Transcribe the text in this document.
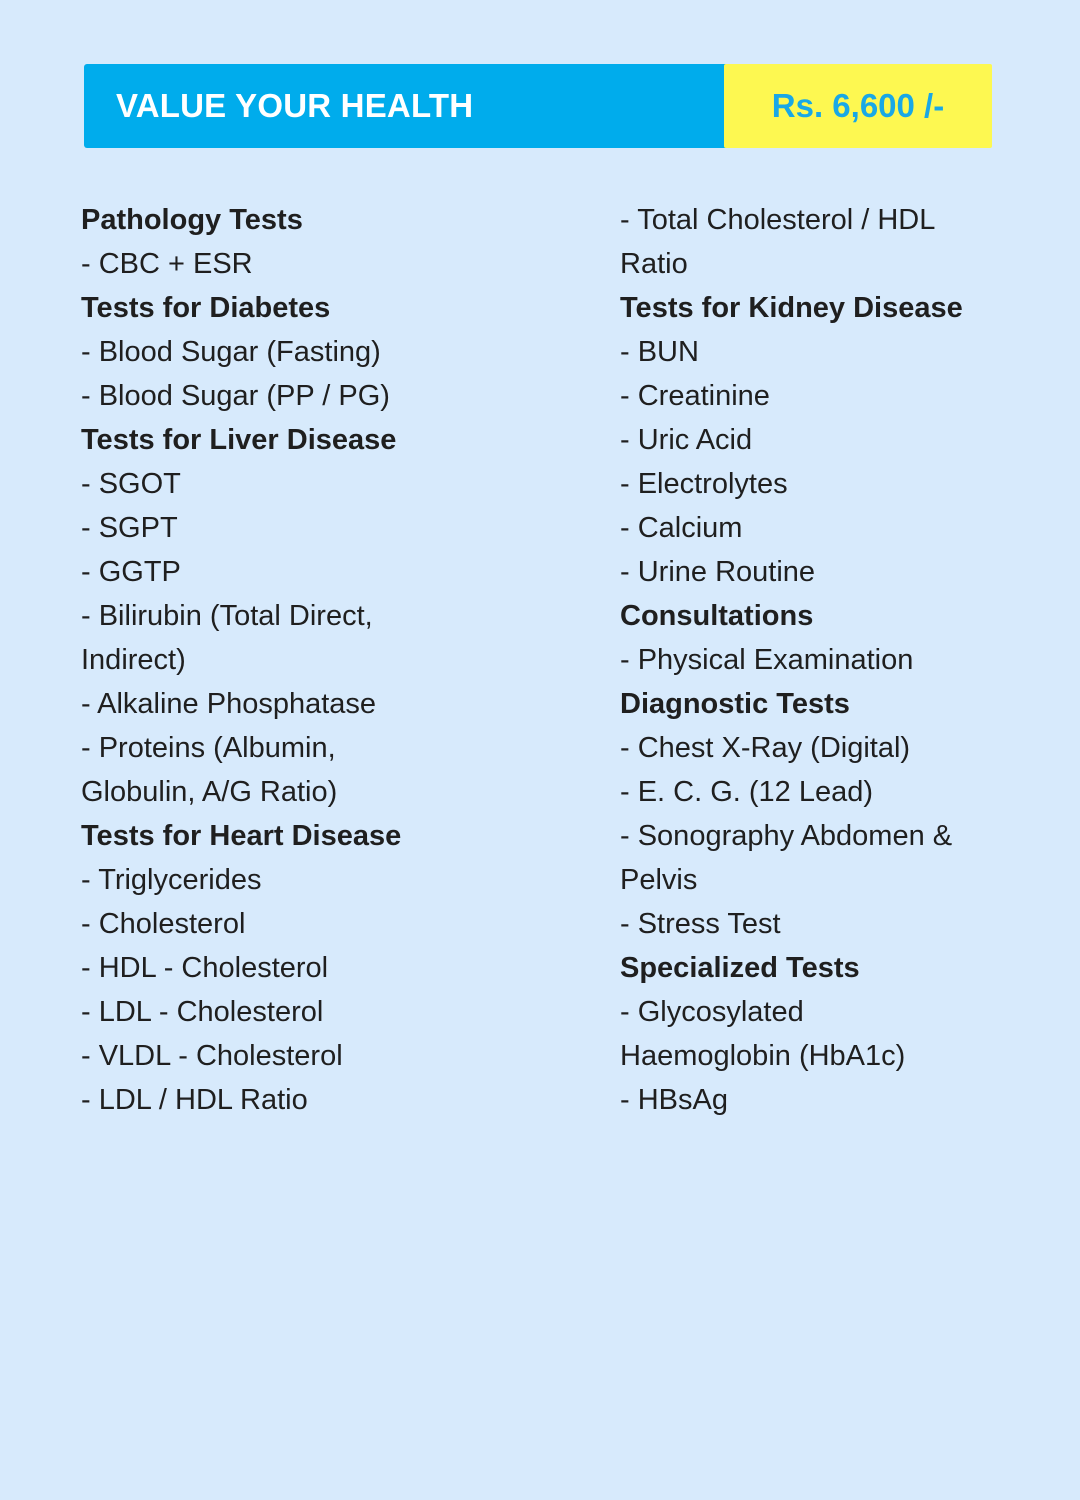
VALUE YOUR HEALTH	Rs. 6,600 /-
Pathology Tests
- CBC + ESR
Tests for Diabetes
- Blood Sugar (Fasting)
- Blood Sugar (PP / PG)
Tests for Liver Disease
- SGOT
- SGPT
- GGTP
- Bilirubin (Total Direct,
Indirect)
- Alkaline Phosphatase
- Proteins (Albumin,
Globulin, A/G Ratio)
Tests for Heart Disease
- Triglycerides
- Cholesterol
- HDL - Cholesterol
- LDL - Cholesterol
- VLDL - Cholesterol
- LDL / HDL Ratio
- Total Cholesterol / HDL
Ratio
Tests for Kidney Disease
- BUN
- Creatinine
- Uric Acid
- Electrolytes
- Calcium
- Urine Routine
Consultations
- Physical Examination
Diagnostic Tests
- Chest X-Ray (Digital)
- E. C. G. (12 Lead)
- Sonography Abdomen &
Pelvis
- Stress Test
Specialized Tests
- Glycosylated
Haemoglobin (HbA1c)
- HBsAg
